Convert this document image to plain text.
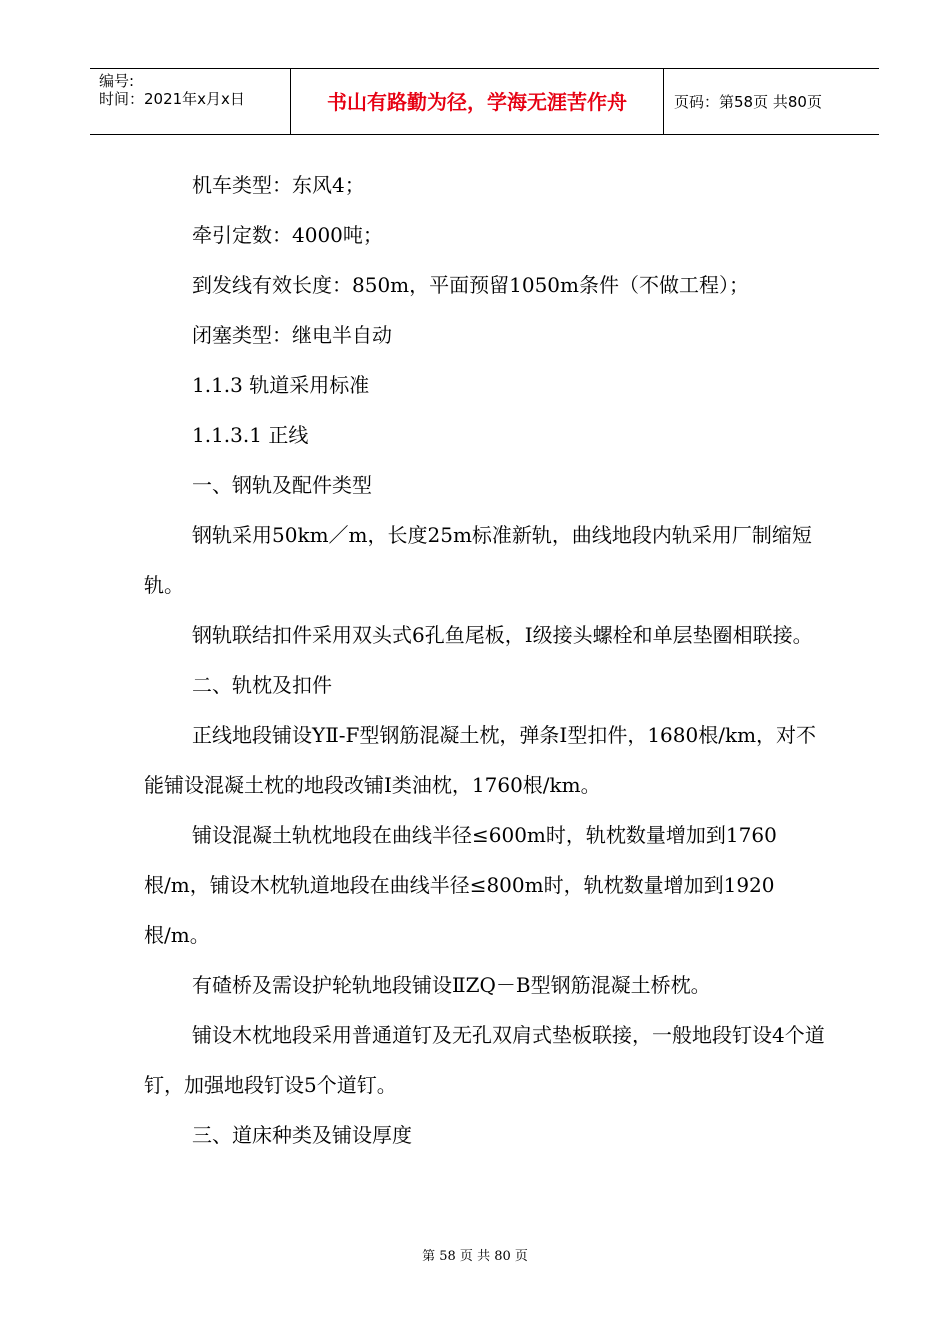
编号:
时间：2021年x月x日	书山有路勤为径，学海无涯苦作舟	页码：第58页 共80页

机车类型：东风4；

牵引定数：4000吨；

到发线有效长度：850m，平面预留1050m条件（不做工程）；

闭塞类型：继电半自动

1.1.3 轨道采用标准

1.1.3.1 正线

一、钢轨及配件类型

钢轨采用50km／m，长度25m标准新轨，曲线地段内轨采用厂制缩短轨。

钢轨联结扣件采用双头式6孔鱼尾板，Ⅰ级接头螺栓和单层垫圈相联接。

二、轨枕及扣件

正线地段铺设YⅡ-F型钢筋混凝土枕，弹条Ⅰ型扣件，1680根/km，对不能铺设混凝土枕的地段改铺Ⅰ类油枕，1760根/km。

铺设混凝土轨枕地段在曲线半径≤600m时，轨枕数量增加到1760根/m，铺设木枕轨道地段在曲线半径≤800m时，轨枕数量增加到1920根/m。

有碴桥及需设护轮轨地段铺设ⅡZQ－B型钢筋混凝土桥枕。

铺设木枕地段采用普通道钉及无孔双肩式垫板联接，一般地段钉设4个道钉，加强地段钉设5个道钉。

三、道床种类及铺设厚度

第 58 页 共 80 页
